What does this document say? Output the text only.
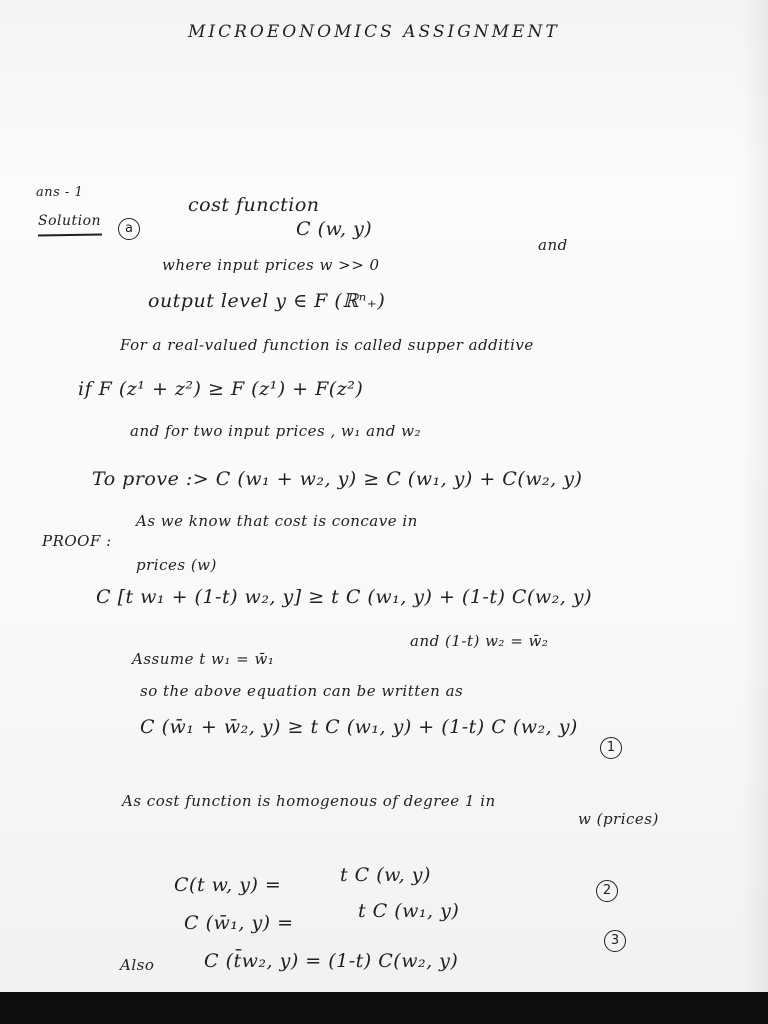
MICROEONOMICS ASSIGNMENT
ans - 1
Solution	a
cost function
C (w, y)
where input prices w >> 0
and
output level y ∈ F (ℝⁿ₊)
For a real-valued function is called supper additive
if F (z¹ + z²) ≥ F (z¹) + F(z²)
and for two input prices , w₁ and w₂
To prove :> C (w₁ + w₂, y) ≥ C (w₁, y) + C(w₂, y)
PROOF :
As we know that cost is concave in
prices (w)
C [t w₁ + (1-t) w₂, y] ≥ t C (w₁, y) + (1-t) C(w₂, y)
Assume t w₁ = w̄₁
and (1-t) w₂ = w̄₂
so the above equation can be written as
C (w̄₁ + w̄₂, y) ≥ t C (w₁, y) + (1-t) C (w₂, y)
1
As cost function is homogenous of degree 1 in
w (prices)
C(t w, y) =	t C (w, y)
2
C (w̄₁, y) =
t C (w₁, y)
3
Also	C (t̄w₂, y) = (1-t) C(w₂, y)
